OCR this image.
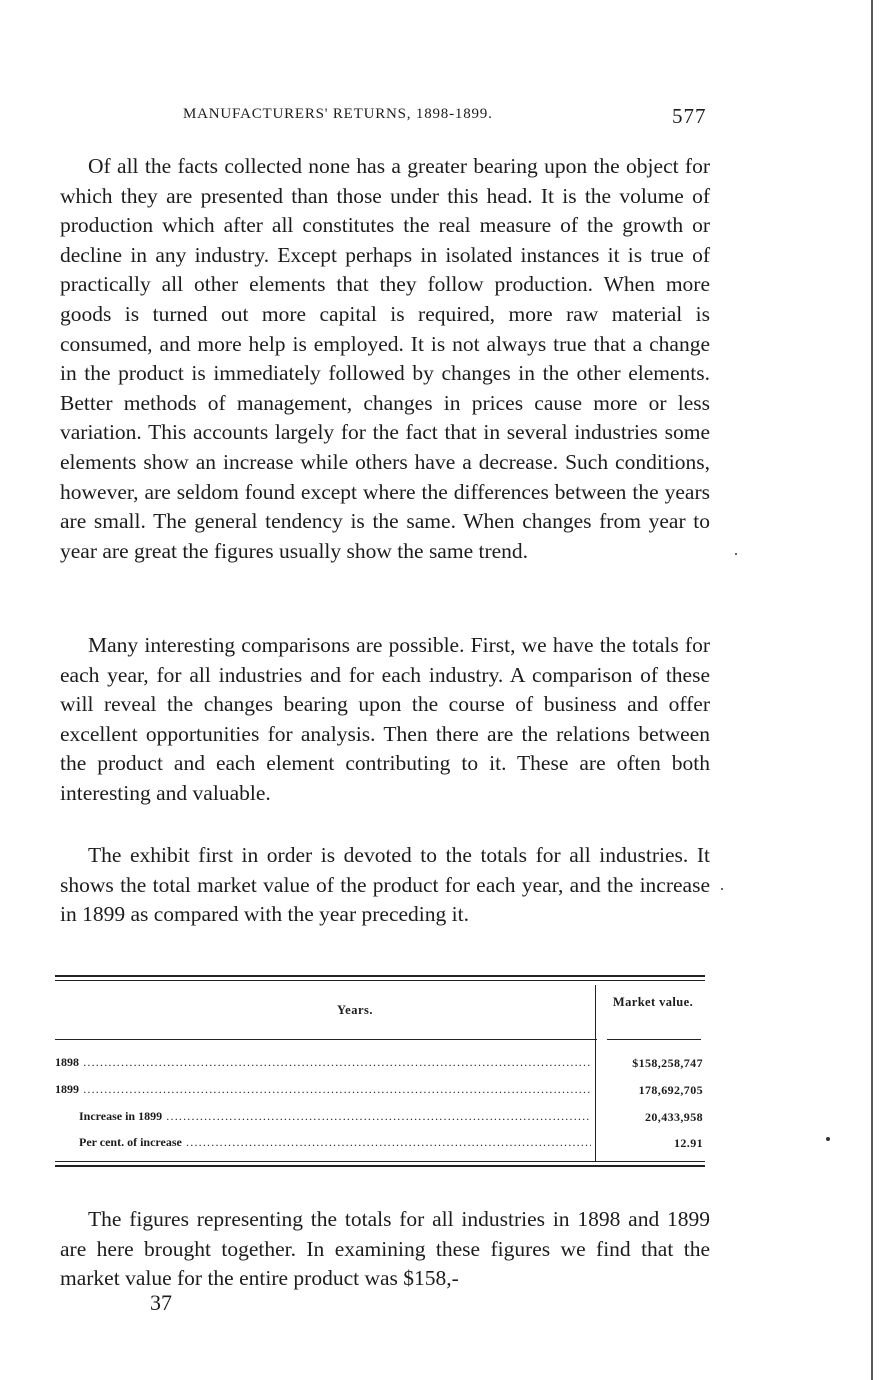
MANUFACTURERS' RETURNS, 1898-1899.	577

Of all the facts collected none has a greater bearing upon the object for which they are presented than those under this head. It is the volume of production which after all constitutes the real measure of the growth or decline in any industry. Except perhaps in isolated instances it is true of practically all other elements that they follow production. When more goods is turned out more capital is required, more raw material is consumed, and more help is employed. It is not always true that a change in the product is immediately followed by changes in the other elements. Better methods of management, changes in prices cause more or less variation. This accounts largely for the fact that in several industries some elements show an increase while others have a decrease. Such conditions, however, are seldom found except where the differences between the years are small. The general tendency is the same. When changes from year to year are great the figures usually show the same trend.

Many interesting comparisons are possible. First, we have the totals for each year, for all industries and for each industry. A comparison of these will reveal the changes bearing upon the course of business and offer excellent opportunities for analysis. Then there are the relations between the product and each element contributing to it. These are often both interesting and valuable.

The exhibit first in order is devoted to the totals for all industries. It shows the total market value of the product for each year, and the increase in 1899 as compared with the year preceding it.

Years.
Market value.
1898 .....	$158,258,747
1899 .....	178,692,705
Increase in 1899 .....	20,433,958
Per cent. of increase .....	12.91

The figures representing the totals for all industries in 1898 and 1899 are here brought together. In examining these figures we find that the market value for the entire product was $158,-

37
